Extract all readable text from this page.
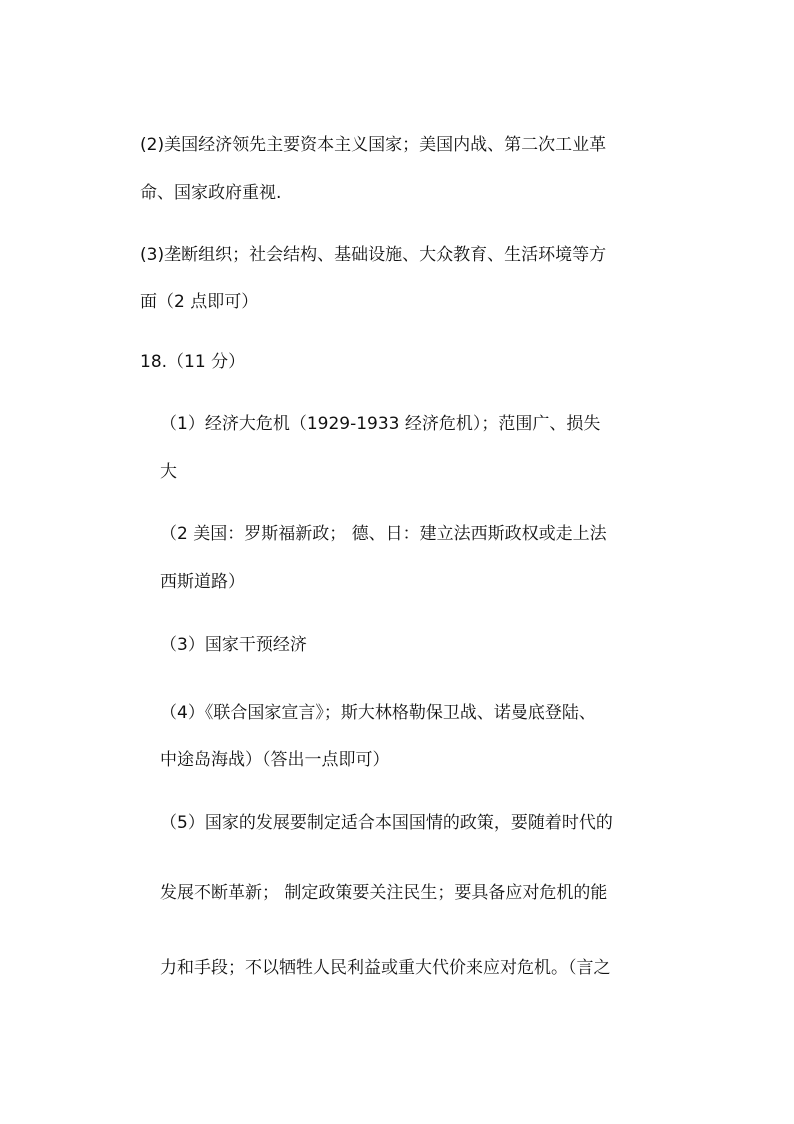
(2)美国经济领先主要资本主义国家；美国内战、第二次工业革

命、国家政府重视.

(3)垄断组织；社会结构、基础设施、大众教育、生活环境等方

面（2 点即可）

18.（11 分）

（1）经济大危机（1929-1933 经济危机）；范围广、损失

大

（2 美国：罗斯福新政； 德、日：建立法西斯政权或走上法

西斯道路）

（3）国家干预经济

（4）《联合国家宣言》；斯大林格勒保卫战、诺曼底登陆、

中途岛海战）（答出一点即可）

（5）国家的发展要制定适合本国国情的政策，要随着时代的

发展不断革新； 制定政策要关注民生；要具备应对危机的能

力和手段；不以牺牲人民利益或重大代价来应对危机。（言之
